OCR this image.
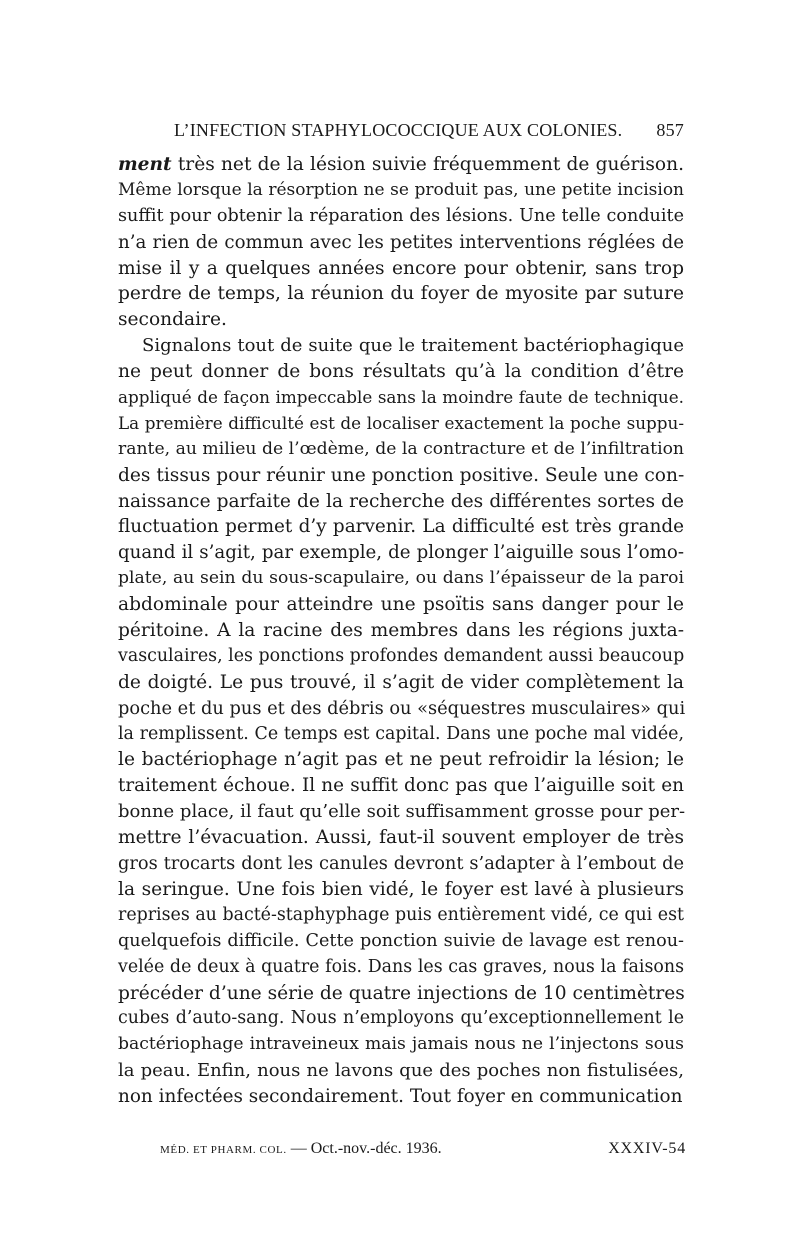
L’INFECTION STAPHYLOCOCCIQUE AUX COLONIES. 857
ment très net de la lésion suivie fréquemment de guérison.
Même lorsque la résorption ne se produit pas, une petite incision
suffit pour obtenir la réparation des lésions. Une telle conduite
n’a rien de commun avec les petites interventions réglées de
mise il y a quelques années encore pour obtenir, sans trop
perdre de temps, la réunion du foyer de myosite par suture
secondaire.
Signalons tout de suite que le traitement bactériophagique
ne peut donner de bons résultats qu’à la condition d’être
appliqué de façon impeccable sans la moindre faute de technique.
La première difficulté est de localiser exactement la poche suppu-
rante, au milieu de l’œdème, de la contracture et de l’infiltration
des tissus pour réunir une ponction positive. Seule une con-
naissance parfaite de la recherche des différentes sortes de
fluctuation permet d’y parvenir. La difficulté est très grande
quand il s’agit, par exemple, de plonger l’aiguille sous l’omo-
plate, au sein du sous-scapulaire, ou dans l’épaisseur de la paroi
abdominale pour atteindre une psoïtis sans danger pour le
péritoine. A la racine des membres dans les régions juxta-
vasculaires, les ponctions profondes demandent aussi beaucoup
de doigté. Le pus trouvé, il s’agit de vider complètement la
poche et du pus et des débris ou «séquestres musculaires» qui
la remplissent. Ce temps est capital. Dans une poche mal vidée,
le bactériophage n’agit pas et ne peut refroidir la lésion; le
traitement échoue. Il ne suffit donc pas que l’aiguille soit en
bonne place, il faut qu’elle soit suffisamment grosse pour per-
mettre l’évacuation. Aussi, faut-il souvent employer de très
gros trocarts dont les canules devront s’adapter à l’embout de
la seringue. Une fois bien vidé, le foyer est lavé à plusieurs
reprises au bacté-staphyphage puis entièrement vidé, ce qui est
quelquefois difficile. Cette ponction suivie de lavage est renou-
velée de deux à quatre fois. Dans les cas graves, nous la faisons
précéder d’une série de quatre injections de 10 centimètres
cubes d’auto-sang. Nous n’employons qu’exceptionnellement le
bactériophage intraveineux mais jamais nous ne l’injectons sous
la peau. Enfin, nous ne lavons que des poches non fistulisées,
non infectées secondairement. Tout foyer en communication
MÉD. ET PHARM. COL. — Oct.-nov.-déc. 1936.	XXXIV-54
